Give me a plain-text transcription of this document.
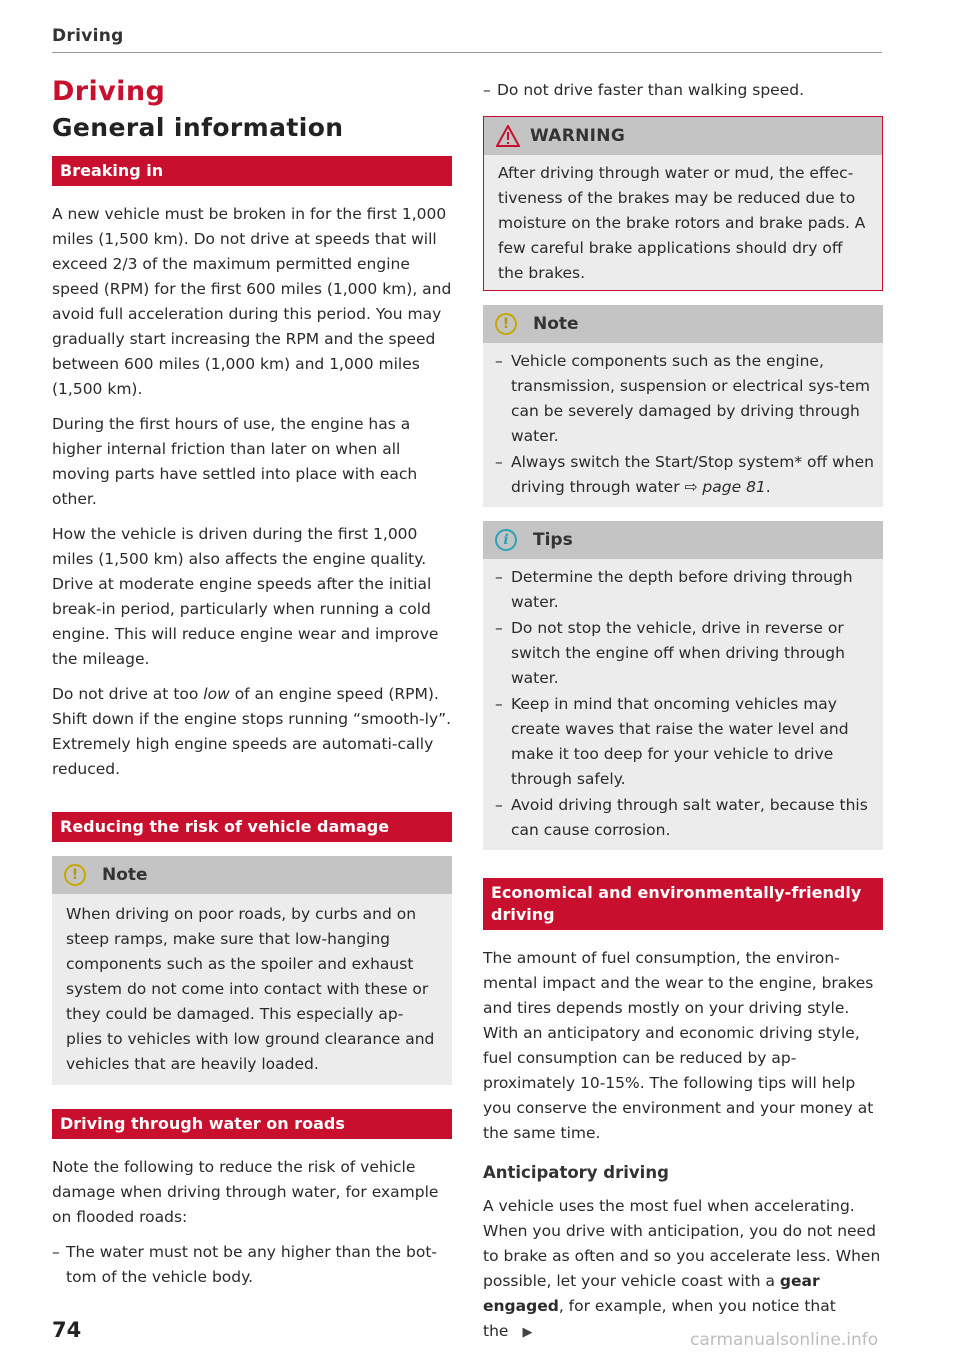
Driving
Driving
General information
Breaking in

A new vehicle must be broken in for the first 1,000 miles (1,500 km). Do not drive at speeds that will exceed 2/3 of the maximum permitted engine speed (RPM) for the first 600 miles (1,000 km), and avoid full acceleration during this period. You may gradually start increasing the RPM and the speed between 600 miles (1,000 km) and 1,000 miles (1,500 km).

During the first hours of use, the engine has a higher internal friction than later on when all moving parts have settled into place with each other.

How the vehicle is driven during the first 1,000 miles (1,500 km) also affects the engine quality. Drive at moderate engine speeds after the initial break-in period, particularly when running a cold engine. This will reduce engine wear and improve the mileage.

Do not drive at too low of an engine speed (RPM). Shift down if the engine stops running “smooth-ly”. Extremely high engine speeds are automati-cally reduced.

Reducing the risk of vehicle damage
!	Note

When driving on poor roads, by curbs and on steep ramps, make sure that low-hanging components such as the spoiler and exhaust system do not come into contact with these or they could be damaged. This especially ap-plies to vehicles with low ground clearance and vehicles that are heavily loaded.

Driving through water on roads

Note the following to reduce the risk of vehicle damage when driving through water, for example on flooded roads:

– The water must not be any higher than the bot-tom of the vehicle body.
– Do not drive faster than walking speed.
WARNING

After driving through water or mud, the effec-tiveness of the brakes may be reduced due to moisture on the brake rotors and brake pads. A few careful brake applications should dry off the brakes.

!	Note
– Vehicle components such as the engine, transmission, suspension or electrical sys-tem can be severely damaged by driving through water.
– Always switch the Start/Stop system* off when driving through water ⇨ page 81.
i	Tips
– Determine the depth before driving through water.
– Do not stop the vehicle, drive in reverse or switch the engine off when driving through water.
– Keep in mind that oncoming vehicles may create waves that raise the water level and make it too deep for your vehicle to drive through safely.
– Avoid driving through salt water, because this can cause corrosion.
Economical and environmentally-friendly driving

The amount of fuel consumption, the environ-mental impact and the wear to the engine, brakes and tires depends mostly on your driving style. With an anticipatory and economic driving style, fuel consumption can be reduced by ap-proximately 10-15%. The following tips will help you conserve the environment and your money at the same time.

Anticipatory driving

A vehicle uses the most fuel when accelerating. When you drive with anticipation, you do not need to brake as often and so you accelerate less. When possible, let your vehicle coast with a gear engaged, for example, when you notice that the ▶

74	carmanualsonline.info
